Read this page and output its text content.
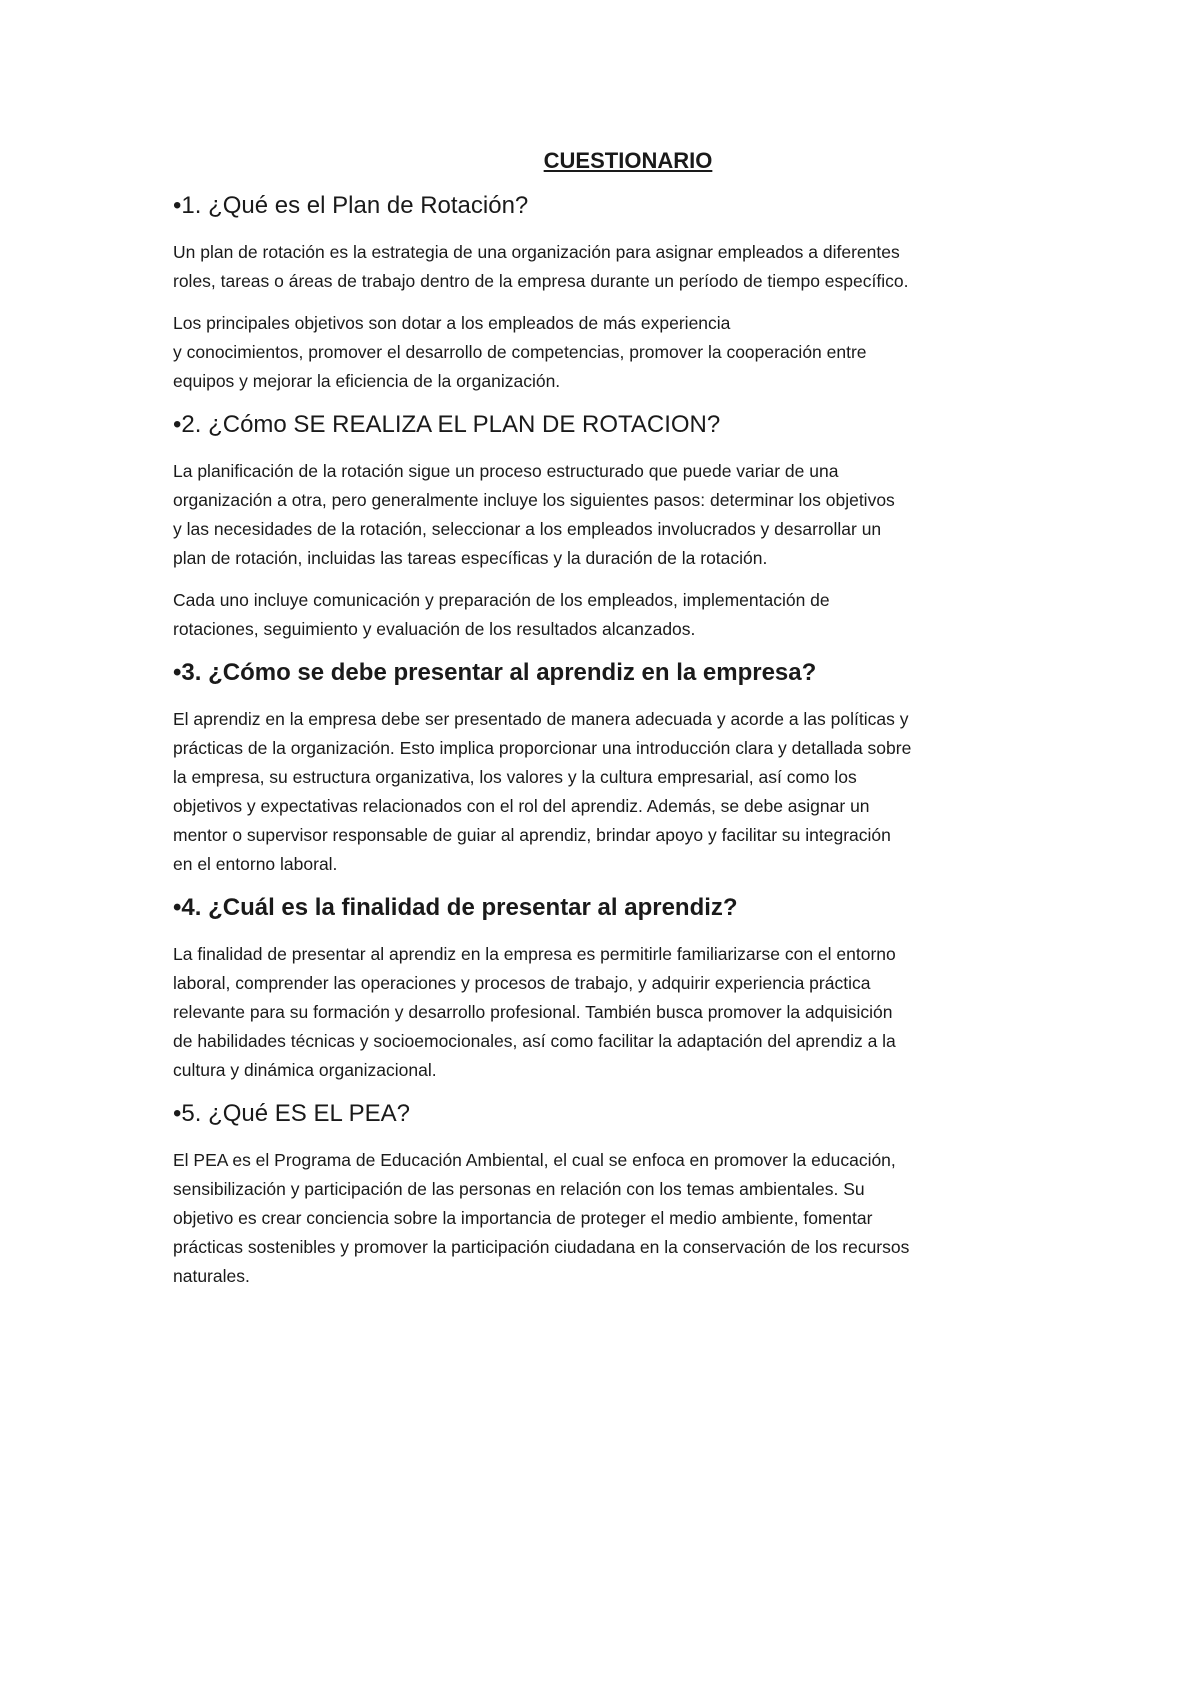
CUESTIONARIO
•1. ¿Qué es el Plan de Rotación?

Un plan de rotación es la estrategia de una organización para asignar empleados a diferentes
roles, tareas o áreas de trabajo dentro de la empresa durante un período de tiempo específico.

Los principales objetivos son dotar a los empleados de más experiencia
y conocimientos, promover el desarrollo de competencias, promover la cooperación entre
equipos y mejorar la eficiencia de la organización.

•2. ¿Cómo SE REALIZA EL PLAN DE ROTACION?

La planificación de la rotación sigue un proceso estructurado que puede variar de una
organización a otra, pero generalmente incluye los siguientes pasos: determinar los objetivos
y las necesidades de la rotación, seleccionar a los empleados involucrados y desarrollar un
plan de rotación, incluidas las tareas específicas y la duración de la rotación.

Cada uno incluye comunicación y preparación de los empleados, implementación de
rotaciones, seguimiento y evaluación de los resultados alcanzados.

•3. ¿Cómo se debe presentar al aprendiz en la empresa?

El aprendiz en la empresa debe ser presentado de manera adecuada y acorde a las políticas y
prácticas de la organización. Esto implica proporcionar una introducción clara y detallada sobre
la empresa, su estructura organizativa, los valores y la cultura empresarial, así como los
objetivos y expectativas relacionados con el rol del aprendiz. Además, se debe asignar un
mentor o supervisor responsable de guiar al aprendiz, brindar apoyo y facilitar su integración
en el entorno laboral.

•4. ¿Cuál es la finalidad de presentar al aprendiz?

La finalidad de presentar al aprendiz en la empresa es permitirle familiarizarse con el entorno
laboral, comprender las operaciones y procesos de trabajo, y adquirir experiencia práctica
relevante para su formación y desarrollo profesional. También busca promover la adquisición
de habilidades técnicas y socioemocionales, así como facilitar la adaptación del aprendiz a la
cultura y dinámica organizacional.

•5. ¿Qué ES EL PEA?

El PEA es el Programa de Educación Ambiental, el cual se enfoca en promover la educación,
sensibilización y participación de las personas en relación con los temas ambientales. Su
objetivo es crear conciencia sobre la importancia de proteger el medio ambiente, fomentar
prácticas sostenibles y promover la participación ciudadana en la conservación de los recursos
naturales.
